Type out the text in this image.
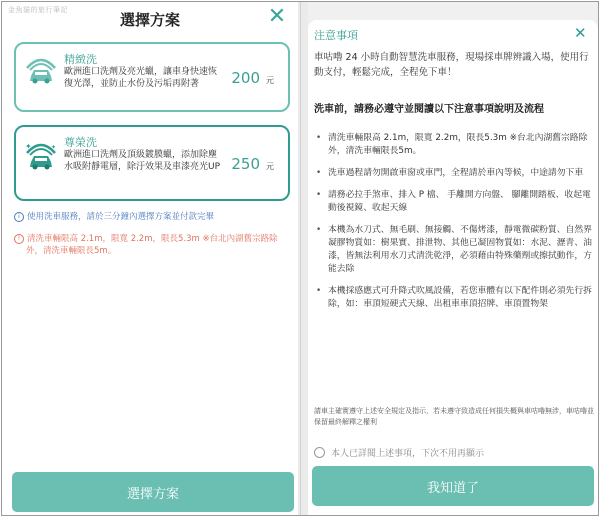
金魚貓的旅行筆記
選擇方案	✕
精緻洗
歐洲進口洗劑及亮光蠟，讓車身快速恢復光澤，並防止水份及污垢再附著	200 元
✦	✦ 尊榮洗
歐洲進口洗劑及頂級鍍膜蠟，添加除塵水吸附靜電層，除汙效果及車漆亮光UP 250 元
i 使用洗車服務，請於三分鐘內選擇方案並付款完畢
! 清洗車輛限高 2.1m，限寬 2.2m，限長5.3m ※台北內湖舊宗路除
外，清洗車輛限長5m。
選擇方案
注意事項	✕
車咕嚕 24 小時自動智慧洗車服務，現場採車牌辨識入場，使用行動支付，輕鬆完成，全程免下車！
洗車前，請務必遵守並閱讀以下注意事項說明及流程
• 清洗車輛限高 2.1m，限寬 2.2m，限長5.3m ※台北內湖舊宗路除外，清洗車輛限長5m。
• 洗車過程請勿開啟車窗或車門，全程請於車內等候，中途請勿下車
• 請務必拉手煞車、排入 P 檔、 手離開方向盤、 腳離開踏板、收起電動後視鏡、收起天線
• 本機為水刀式、無毛刷、無接觸、不傷烤漆，靜電微碳粉質、自然界凝膠物質如：樹果實、排泄物、其他已凝固物質如：水泥、瀝青、油漆，皆無法利用水刀式清洗乾淨，必須藉由特殊藥劑或擦拭動作，方能去除
• 本機採感應式可升降式吹風設備，若您車體有以下配件則必須先行拆除，如：車頂短硬式天線、出租車車頂招牌、車頂置物架
請車主確實遵守上述安全規定及指示，若未遵守致造成任何損失概與車咕嚕無涉，車咕嚕並保留最終解釋之權利
本人已詳閱上述事項，下次不用再顯示
我知道了
